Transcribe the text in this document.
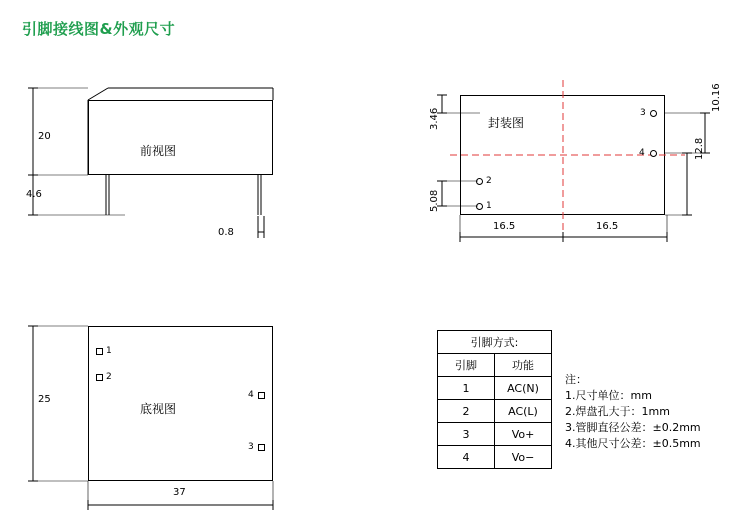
引脚接线图&外观尺寸
前视图
20
4.6
0.8
1
2
3
4
封装图
3.46
5.08
10.16
12.8
16.5	16.5
1
2
4
3
底视图
25
37
引脚方式:	
引脚	功能
1	AC(N)
2	AC(L)
3	Vo+
4	Vo−
注：
1.尺寸单位：mm
2.焊盘孔大于：1mm
3.管脚直径公差：±0.2mm
4.其他尺寸公差：±0.5mm
